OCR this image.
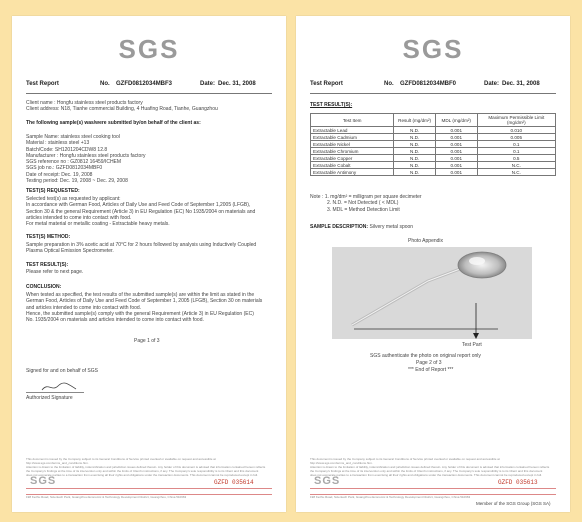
SGS
Test Report	No. GZFD0812034MBF3	Date: Dec. 31, 2008
Client name : Hongfu stainless steel products factory
Client address: N18, Tianhe commercial Building, 4 Huafing Road, Tianhe, Guangzhou
The following sample(s) was/were submitted by/on behalf of the client as:
Sample Name: stainless steel cooking tool
Material : stainless steel +13
Batch/Code: SH1201204CDW8 12.8
Manufacturer : Hongfu stainless steel products factory
SGS reference no : GZ0812 16459/ICHEM
SGS job no.: GZFD0812034MBF0
Date of receipt: Dec. 19, 2008
Testing period: Dec. 19, 2008 ~ Dec. 29, 2008
TEST(S) REQUESTED:
Selected test(s) as requested by applicant:
In accordance with German Food, Articles of Daily Use and Feed Code of September 1,2005 (LFGB),
Section 30 & the general Requirement (Article 3) in EU Regulation (EC) No 1935/2004 on materials and
articles intended to come into contact with food.
For metal material or metallic coating - Extractable heavy metals.
TEST(S) METHOD:
Sample preparation in 3% acetic acid at 70°C for 2 hours followed by analysis using Inductively Coupled
Plasma Optical Emission Spectrometer.
TEST RESULT(S):
Please refer to next page.
CONCLUSION:
When tested as specified, the test results of the submitted sample(s) are within the limit as stated in the
German Food, Articles of Daily Use and Feed Code of September 1, 2005 (LFGB), Section 30 on materials
and articles intended to come into contact with food.
Hence, the submitted sample(s) comply with the general Requirement (Article 3) in EU Regulation (EC)
No. 1935/2004 on materials and articles intended to come into contact with food.
Page 1 of 3
Signed for and on behalf of SGS
Authorized Signature
This document is issued by the Company subject to its General Conditions of Service printed overleaf or available on request and accessible at http://www.sgs.com/terms_and_conditions.htm.
Attention is drawn to the limitation of liability, indemnification and jurisdiction issues defined therein. Any holder of this document is advised that information contained hereon reflects
the Company's findings at the time of its intervention only and within the limits of Client's instructions, if any. The Company's sole responsibility is to its Client and this document
does not exonerate parties to a transaction from exercising all their rights and obligations under the transaction documents. This document cannot be reproduced except in full.
SGS	GZFD 035614
198 Kezhu Road, Scientech Park, Guangzhou Economic & Technology Development District, Guangzhou, China 510663
SGS
Test Report	No. GZFD0812034MBF0	Date: Dec. 31, 2008
TEST RESULT(S):
Test Item	Result (mg/dm²)	MDL (mg/dm²)	Maximum Permissible Limit (mg/dm²)
Extractable Lead	N.D.	0.001	0.010
Extractable Cadmium	N.D.	0.001	0.005
Extractable Nickel	N.D.	0.001	0.1
Extractable Chromium	N.D.	0.001	0.1
Extractable Copper	N.D.	0.001	0.5
Extractable Cobalt	N.D.	0.001	N.C.
Extractable Antimony	N.D.	0.001	N.C.
Note : 1. mg/dm² = milligram per square decimeter
2. N.D. = Not Detected ( < MDL)
3. MDL = Method Detection Limit
SAMPLE DESCRIPTION: Silvery metal spoon
Photo Appendix
Test Part
SGS authenticate the photo on original report only
Page 2 of 3
*** End of Report ***
This document is issued by the Company subject to its General Conditions of Service printed overleaf or available on request and accessible at http://www.sgs.com/terms_and_conditions.htm.
Attention is drawn to the limitation of liability, indemnification and jurisdiction issues defined therein. Any holder of this document is advised that information contained hereon reflects
the Company's findings at the time of its intervention only and within the limits of Client's instructions, if any. The Company's sole responsibility is to its Client and this document
does not exonerate parties to a transaction from exercising all their rights and obligations under the transaction documents. This document cannot be reproduced except in full.
SGS	GZFD 035613
198 Kezhu Road, Scientech Park, Guangzhou Economic & Technology Development District, Guangzhou, China 510663
Member of the SGS Group (SGS SA)
